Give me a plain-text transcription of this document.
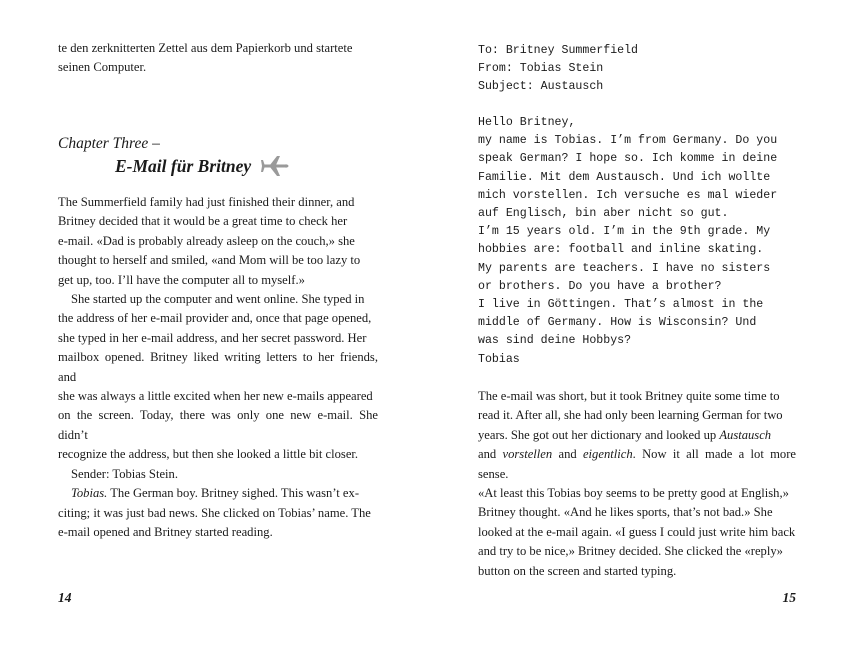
te den zerknitterten Zettel aus dem Papierkorb und startete

seinen Computer.

Chapter Three –
E-Mail für Britney

The Summerfield family had just finished their dinner, and

Britney decided that it would be a great time to check her

e-mail. «Dad is probably already asleep on the couch,» she

thought to herself and smiled, «and Mom will be too lazy to

get up, too. I’ll have the computer all to myself.»

She started up the computer and went online. She typed in

the address of her e-mail provider and, once that page opened,

she typed in her e-mail address, and her secret password. Her

mailbox opened. Britney liked writing letters to her friends, and

she was always a little excited when her new e-mails appeared

on the screen. Today, there was only one new e-mail. She didn’t

recognize the address, but then she looked a little bit closer.

Sender: Tobias Stein.

Tobias. The German boy. Britney sighed. This wasn’t ex-

citing; it was just bad news. She clicked on Tobias’ name. The

e-mail opened and Britney started reading.

14
To: Britney Summerfield
From: Tobias Stein
Subject: Austausch
Hello Britney,
my name is Tobias. I’m from Germany. Do you
speak German? I hope so. Ich komme in deine
Familie. Mit dem Austausch. Und ich wollte
mich vorstellen. Ich versuche es mal wieder
auf Englisch, bin aber nicht so gut.
I’m 15 years old. I’m in the 9th grade. My
hobbies are: football and inline skating.
My parents are teachers. I have no sisters
or brothers. Do you have a brother?
I live in Göttingen. That’s almost in the
middle of Germany. How is Wisconsin? Und
was sind deine Hobbys?
Tobias

The e-mail was short, but it took Britney quite some time to

read it. After all, she had only been learning German for two

years. She got out her dictionary and looked up Austausch

and vorstellen and eigentlich. Now it all made a lot more sense.

«At least this Tobias boy seems to be pretty good at English,»

Britney thought. «And he likes sports, that’s not bad.» She

looked at the e-mail again. «I guess I could just write him back

and try to be nice,» Britney decided. She clicked the «reply»

button on the screen and started typing.

15
